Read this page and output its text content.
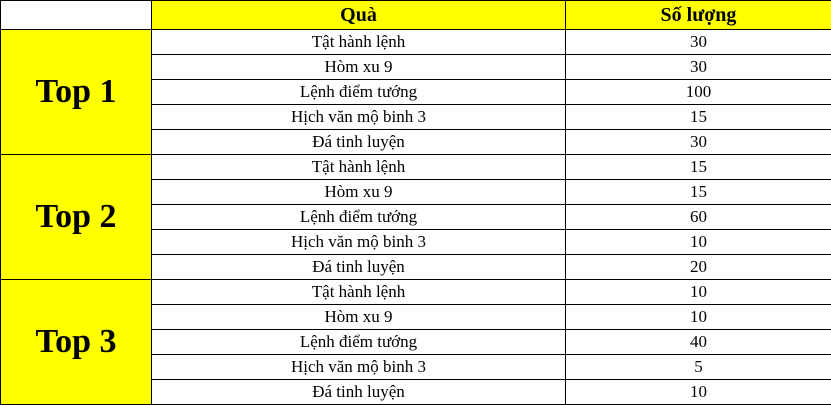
	Quà	Số lượng
Top 1	Tật hành lệnh	30
	Hòm xu 9	30
	Lệnh điểm tướng	100
	Hịch văn mộ binh 3	15
	Đá tinh luyện	30
Top 2	Tật hành lệnh	15
	Hòm xu 9	15
	Lệnh điểm tướng	60
	Hịch văn mộ binh 3	10
	Đá tinh luyện	20
Top 3	Tật hành lệnh	10
	Hòm xu 9	10
	Lệnh điểm tướng	40
	Hịch văn mộ binh 3	5
	Đá tinh luyện	10
